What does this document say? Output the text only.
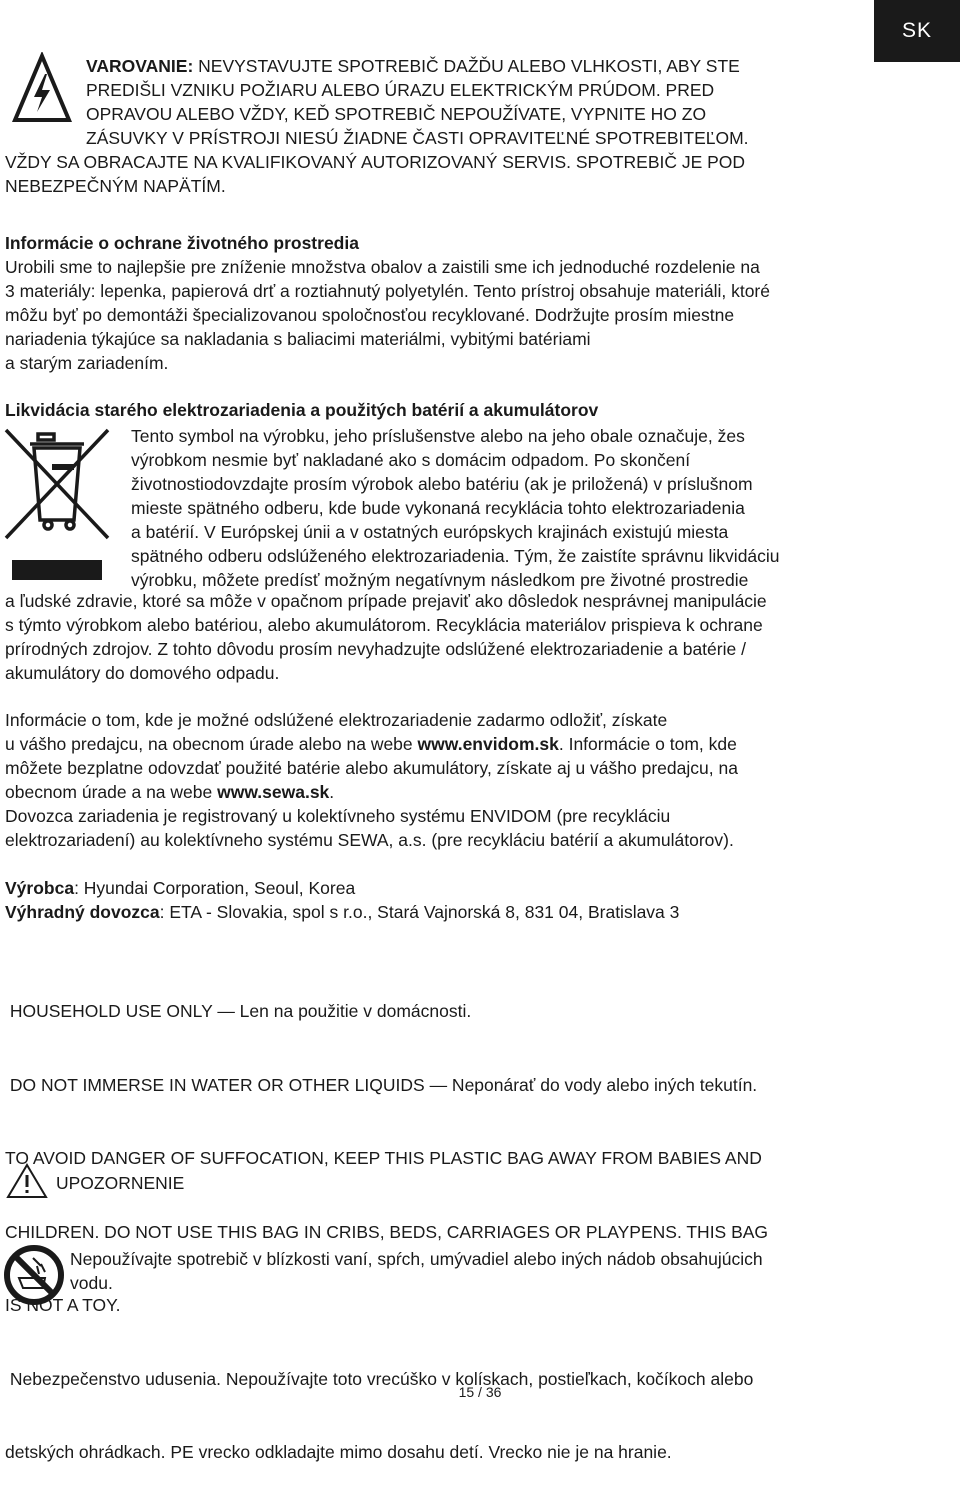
SK
VAROVANIE: NEVYSTAVUJTE SPOTREBIČ DAŽĎU ALEBO VLHKOSTI, ABY STE
PREDIŠLI VZNIKU POŽIARU ALEBO ÚRAZU ELEKTRICKÝM PRÚDOM. PRED
OPRAVOU ALEBO VŽDY, KEĎ SPOTREBIČ NEPOUŽÍVATE, VYPNITE HO ZO
ZÁSUVKY V PRÍSTROJI NIESÚ ŽIADNE ČASTI OPRAVITEĽNÉ SPOTREBITEĽOM.
VŽDY SA OBRACAJTE NA KVALIFIKOVANÝ AUTORIZOVANÝ SERVIS. SPOTREBIČ JE POD
NEBEZPEČNÝM NAPÄTÍM.
Informácie o ochrane životného prostredia
Urobili sme to najlepšie pre zníženie množstva obalov a zaistili sme ich jednoduché rozdelenie na
3 materiály: lepenka, papierová drť a roztiahnutý polyetylén. Tento prístroj obsahuje materiáli, ktoré
môžu byť po demontáži špecializovanou spoločnosťou recyklované. Dodržujte prosím miestne
nariadenia týkajúce sa nakladania s baliacimi materiálmi, vybitými batériami
a starým zariadením.
Likvidácia starého elektrozariadenia a použitých batérií a akumulátorov
Tento symbol na výrobku, jeho príslušenstve alebo na jeho obale označuje, žes
výrobkom nesmie byť nakladané ako s domácim odpadom. Po skončení
životnostiodovzdajte prosím výrobok alebo batériu (ak je priložená) v príslušnom
mieste spätného odberu, kde bude vykonaná recyklácia tohto elektrozariadenia
a batérií. V Európskej únii a v ostatných európskych krajinách existujú miesta
spätného odberu odslúženého elektrozariadenia. Tým, že zaistíte správnu likvidáciu
výrobku, môžete predísť možným negatívnym následkom pre životné prostredie
a ľudské zdravie, ktoré sa môže v opačnom prípade prejaviť ako dôsledok nesprávnej manipulácie
s týmto výrobkom alebo batériou, alebo akumulátorom. Recyklácia materiálov prispieva k ochrane
prírodných zdrojov. Z tohto dôvodu prosím nevyhadzujte odslúžené elektrozariadenie a batérie /
akumulátory do domového odpadu.
Informácie o tom, kde je možné odslúžené elektrozariadenie zadarmo odložiť, získate
u vášho predajcu, na obecnom úrade alebo na webe www.envidom.sk. Informácie o tom, kde
môžete bezplatne odovzdať použité batérie alebo akumulátory, získate aj u vášho predajcu, na
obecnom úrade a na webe www.sewa.sk.
Dovozca zariadenia je registrovaný u kolektívneho systému ENVIDOM (pre recykláciu
elektrozariadení) au kolektívneho systému SEWA, a.s. (pre recykláciu batérií a akumulátorov).
Výrobca: Hyundai Corporation, Seoul, Korea
Výhradný dovozca: ETA - Slovakia, spol s r.o., Stará Vajnorská 8, 831 04, Bratislava 3

HOUSEHOLD USE ONLY — Len na použitie v domácnosti.

DO NOT IMMERSE IN WATER OR OTHER LIQUIDS — Neponárať do vody alebo iných tekutín.

TO AVOID DANGER OF SUFFOCATION, KEEP THIS PLASTIC BAG AWAY FROM BABIES AND

CHILDREN. DO NOT USE THIS BAG IN CRIBS, BEDS, CARRIAGES OR PLAYPENS. THIS BAG

IS NOT A TOY.

Nebezpečenstvo udusenia. Nepoužívajte toto vrecúško v kolískach, postieľkach, kočíkoch alebo

detských ohrádkach. PE vrecko odkladajte mimo dosahu detí. Vrecko nie je na hranie.

UPOZORNENIE
Nepoužívajte spotrebič v blízkosti vaní, spŕch, umývadiel alebo iných nádob obsahujúcich
vodu.
15 / 36
